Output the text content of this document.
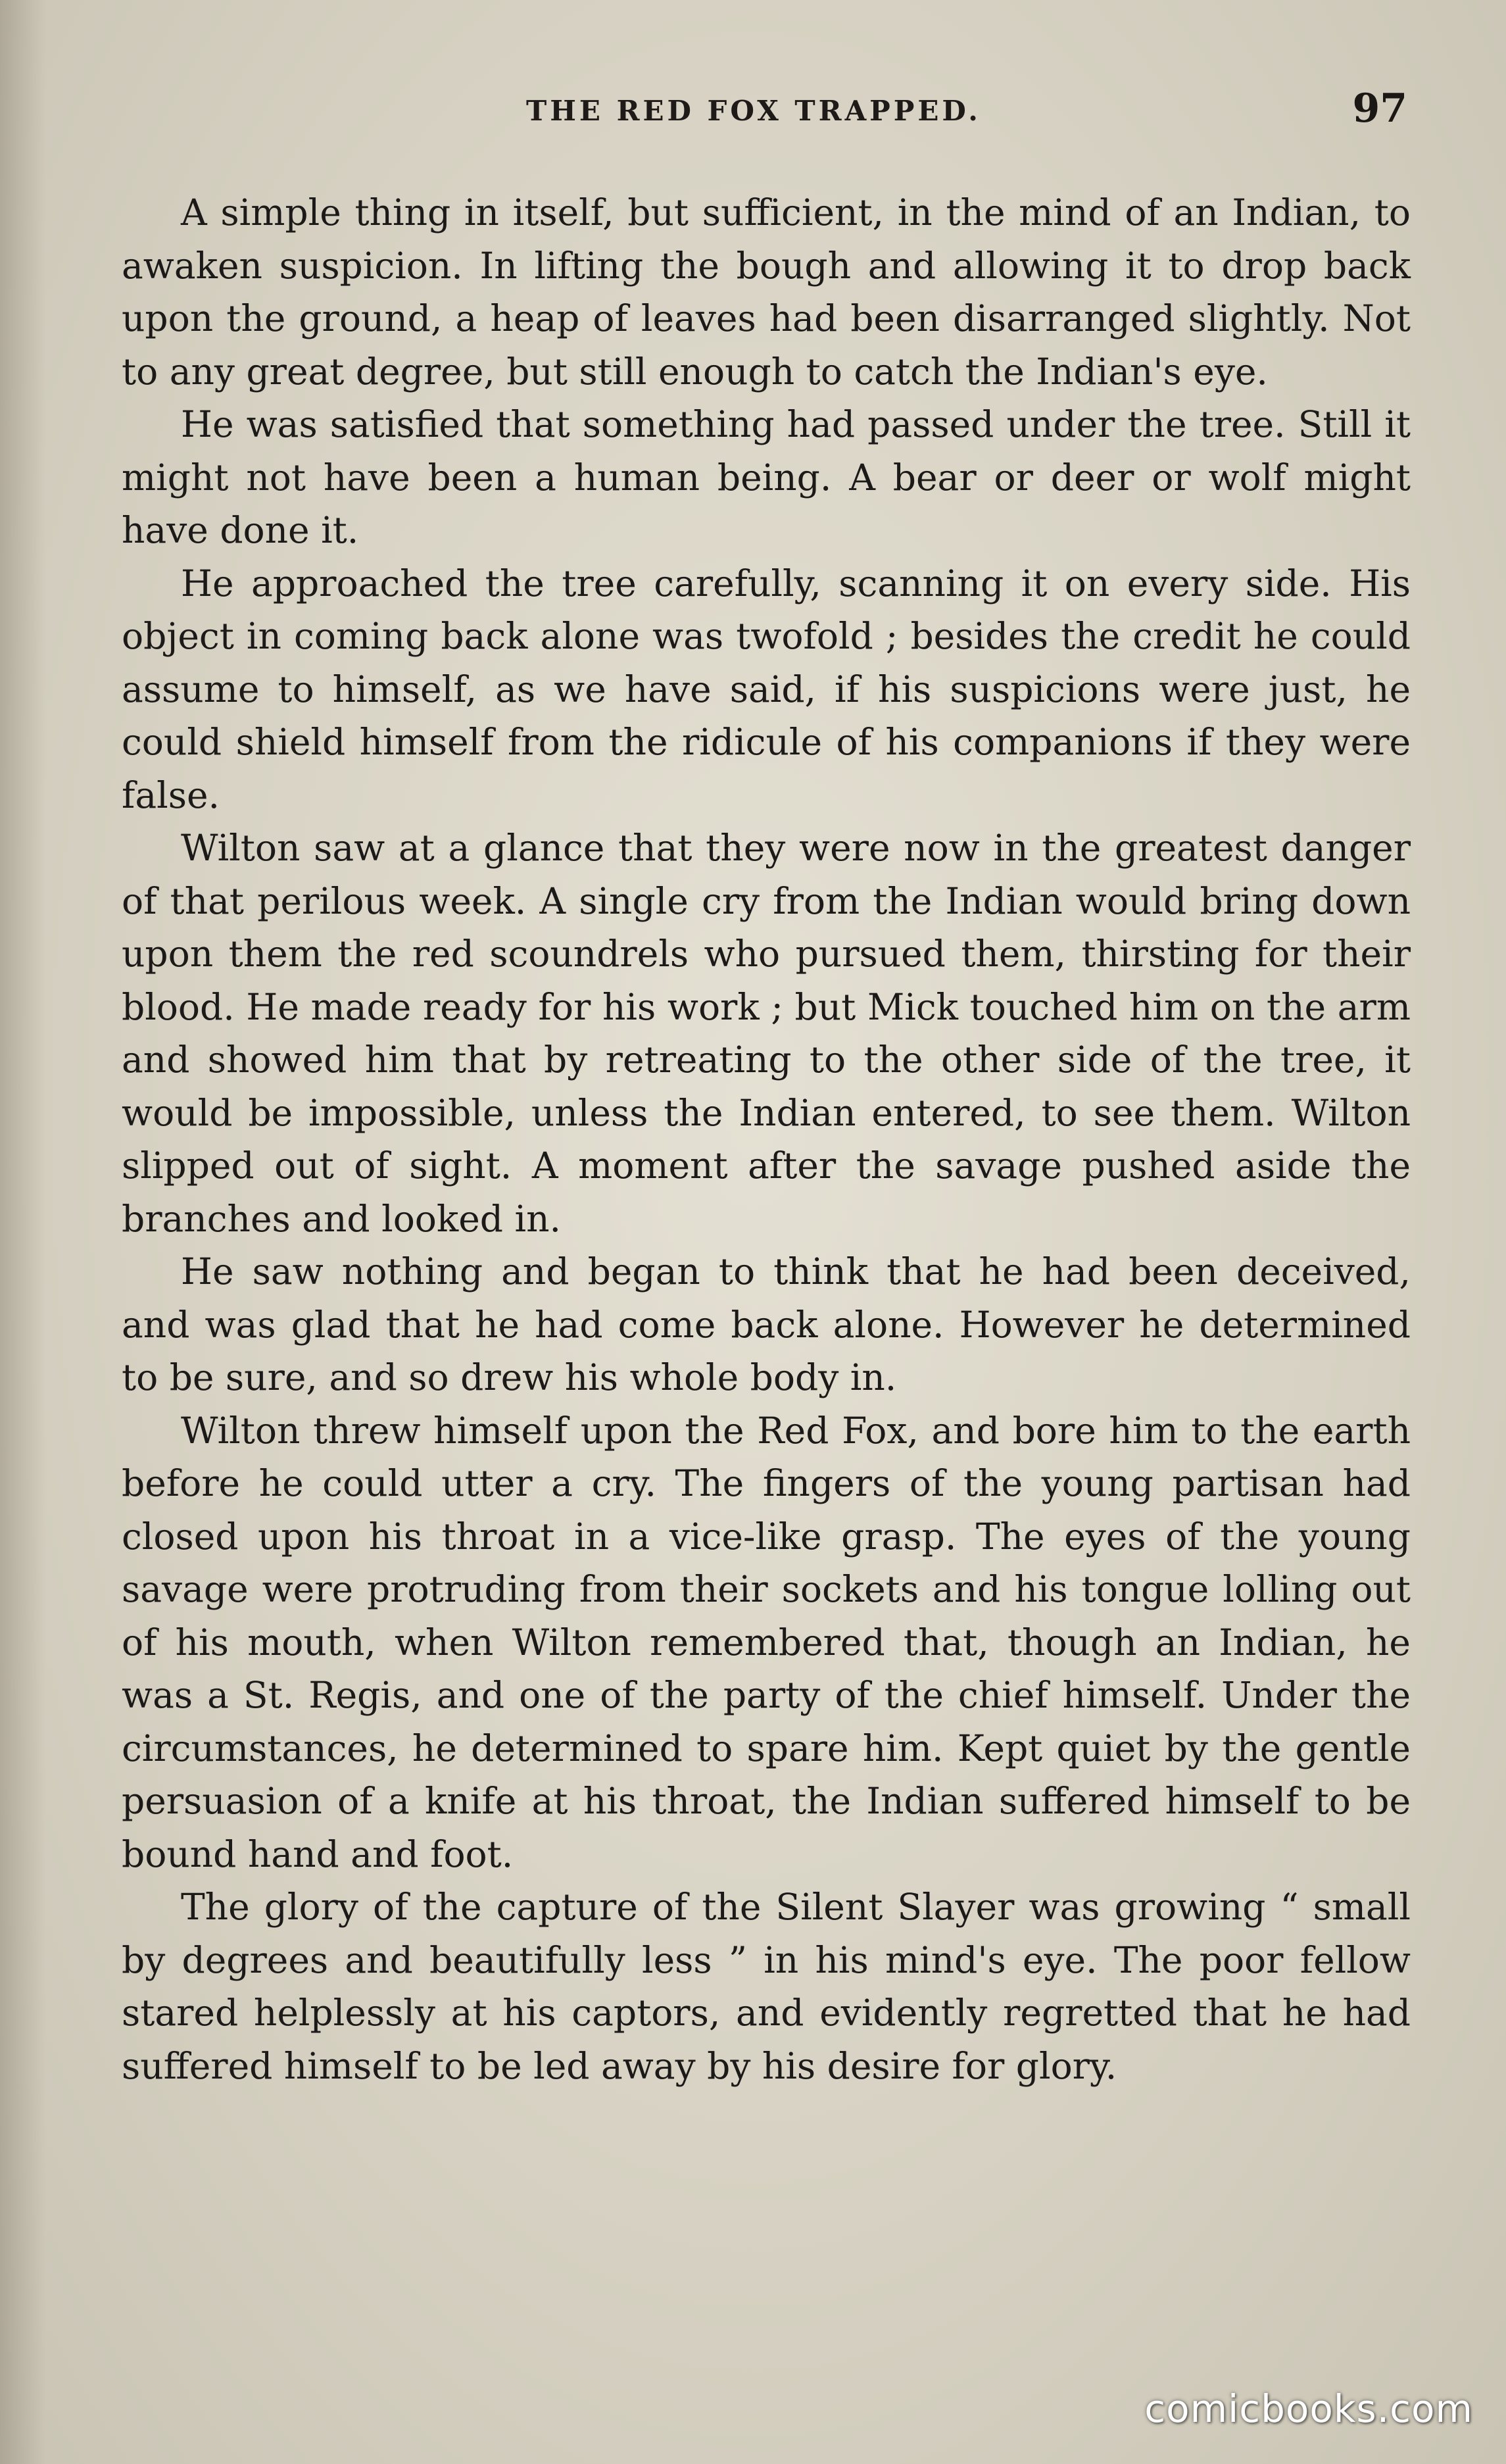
THE RED FOX TRAPPED.	97

A simple thing in itself, but sufficient, in the mind of an Indian, to awaken suspicion. In lifting the bough and allowing it to drop back upon the ground, a heap of leaves had been disarranged slightly. Not to any great degree, but still enough to catch the Indian's eye.

He was satisfied that something had passed under the tree. Still it might not have been a human being. A bear or deer or wolf might have done it.

He approached the tree carefully, scanning it on every side. His object in coming back alone was twofold ; besides the credit he could assume to himself, as we have said, if his suspicions were just, he could shield himself from the ridicule of his companions if they were false.

Wilton saw at a glance that they were now in the greatest danger of that perilous week. A single cry from the Indian would bring down upon them the red scoundrels who pursued them, thirsting for their blood. He made ready for his work ; but Mick touched him on the arm and showed him that by retreating to the other side of the tree, it would be impossible, unless the Indian entered, to see them. Wilton slipped out of sight. A moment after the savage pushed aside the branches and looked in.

He saw nothing and began to think that he had been deceived, and was glad that he had come back alone. However he determined to be sure, and so drew his whole body in.

Wilton threw himself upon the Red Fox, and bore him to the earth before he could utter a cry. The fingers of the young partisan had closed upon his throat in a vice-like grasp. The eyes of the young savage were protruding from their sockets and his tongue lolling out of his mouth, when Wilton remembered that, though an Indian, he was a St. Regis, and one of the party of the chief himself. Under the circumstances, he determined to spare him. Kept quiet by the gentle persuasion of a knife at his throat, the Indian suffered himself to be bound hand and foot.

The glory of the capture of the Silent Slayer was growing “ small by degrees and beautifully less ” in his mind's eye. The poor fellow stared helplessly at his captors, and evidently regretted that he had suffered himself to be led away by his desire for glory.

comicbooks.com
